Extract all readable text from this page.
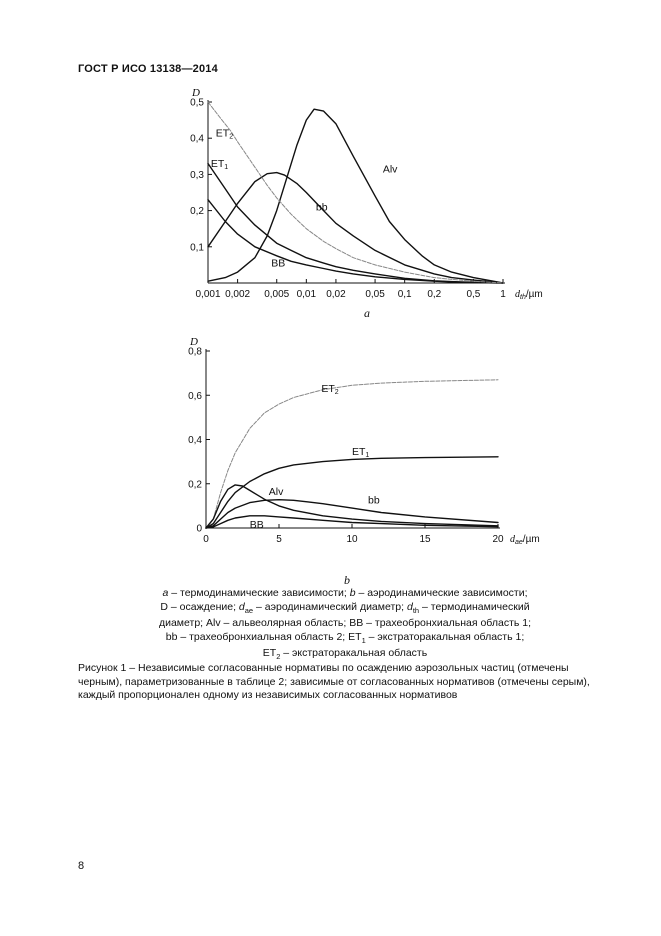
ГОСТ Р ИСО 13138—2014
0,1
0,2
0,3
0,4
0,5
0,001 0,002 0,005 0,01 0,02 0,05 0,1 0,2	0,5 1
D
$d_{th}/\mu m$
ET2
ET1	Alv
bb
BB
0
0,2
0,4
0,6
0,8
0	5	10	15	20
D
$d_{ae}/\mu m$
ET2
ET1
Alv
bb
BB
a
b
a – термодинамические зависимости; b – аэродинамические зависимости;
D – осаждение; $d_{ae}$ – аэродинамический диаметр; $d_{th}$ – термодинамический
диаметр; Alv – альвеолярная область; BB – трахеобронхиальная область 1;
bb – трахеобронхиальная область 2; $ET_1$ – экстраторакальная область 1;
$ET_2$ – экстраторакальная область
Рисунок 1 – Независимые согласованные нормативы по осаждению аэрозольных частиц (отмечены черным), параметризованные в таблице 2; зависимые от согласованных нормативов (отмечены серым), каждый пропорционален одному из независимых согласованных нормативов
8
